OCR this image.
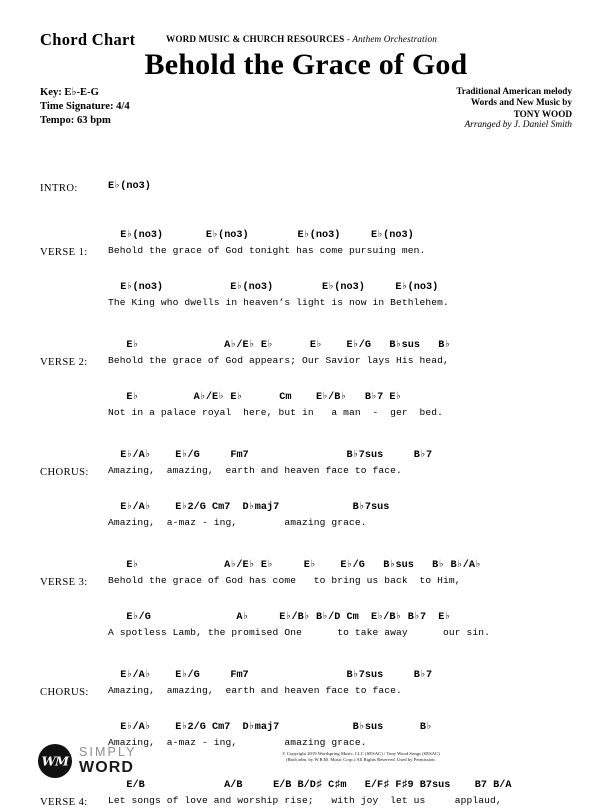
Chord Chart	WORD MUSIC & CHURCH RESOURCES - Anthem Orchestration
Behold the Grace of God
Key: E♭-E-G
Time Signature: 4/4
Tempo: 63 bpm
Traditional American melody
Words and New Music by
TONY WOOD
Arranged by J. Daniel Smith
INTRO:	E♭(no3)
VERSE 1:
E♭(no3)       E♭(no3)        E♭(no3)     E♭(no3)
Behold the grace of God tonight has come pursuing men.
E♭(no3)           E♭(no3)        E♭(no3)     E♭(no3)
The King who dwells in heaven’s light is now in Bethlehem.
VERSE 2:
E♭              A♭/E♭ E♭      E♭    E♭/G   B♭sus   B♭
Behold the grace of God appears; Our Savior lays His head,
E♭         A♭/E♭ E♭      Cm    E♭/B♭   B♭7 E♭
Not in a palace royal  here, but in   a man  -  ger  bed.
CHORUS:
E♭/A♭    E♭/G     Fm7                B♭7sus     B♭7
Amazing,  amazing,  earth and heaven face to face.
E♭/A♭    E♭2/G Cm7  D♭maj7            B♭7sus
Amazing,  a-maz - ing,        amazing grace.
VERSE 3:
E♭              A♭/E♭ E♭     E♭    E♭/G   B♭sus   B♭ B♭/A♭
Behold the grace of God has come   to bring us back  to Him,
E♭/G              A♭     E♭/B♭ B♭/D Cm  E♭/B♭ B♭7  E♭
A spotless Lamb, the promised One      to take away      our sin.
CHORUS:
E♭/A♭    E♭/G     Fm7                B♭7sus     B♭7
Amazing,  amazing,  earth and heaven face to face.
E♭/A♭    E♭2/G Cm7  D♭maj7            B♭sus      B♭
Amazing,  a-maz - ing,        amazing grace.
VERSE 4:
E/B             A/B     E/B B/D♯ C♯m   E/F♯ F♯9 B7sus    B7 B/A
Let songs of love and worship rise;   with joy  let us     applaud,
WM
SIMPLY
WORD
© Copyright 2019 Wordspring Music, LLC (SESAC) / Tony Wood Songs (SESAC)
(Both adm. by W.B.M. Music Corp.) All Rights Reserved. Used by Permission.
